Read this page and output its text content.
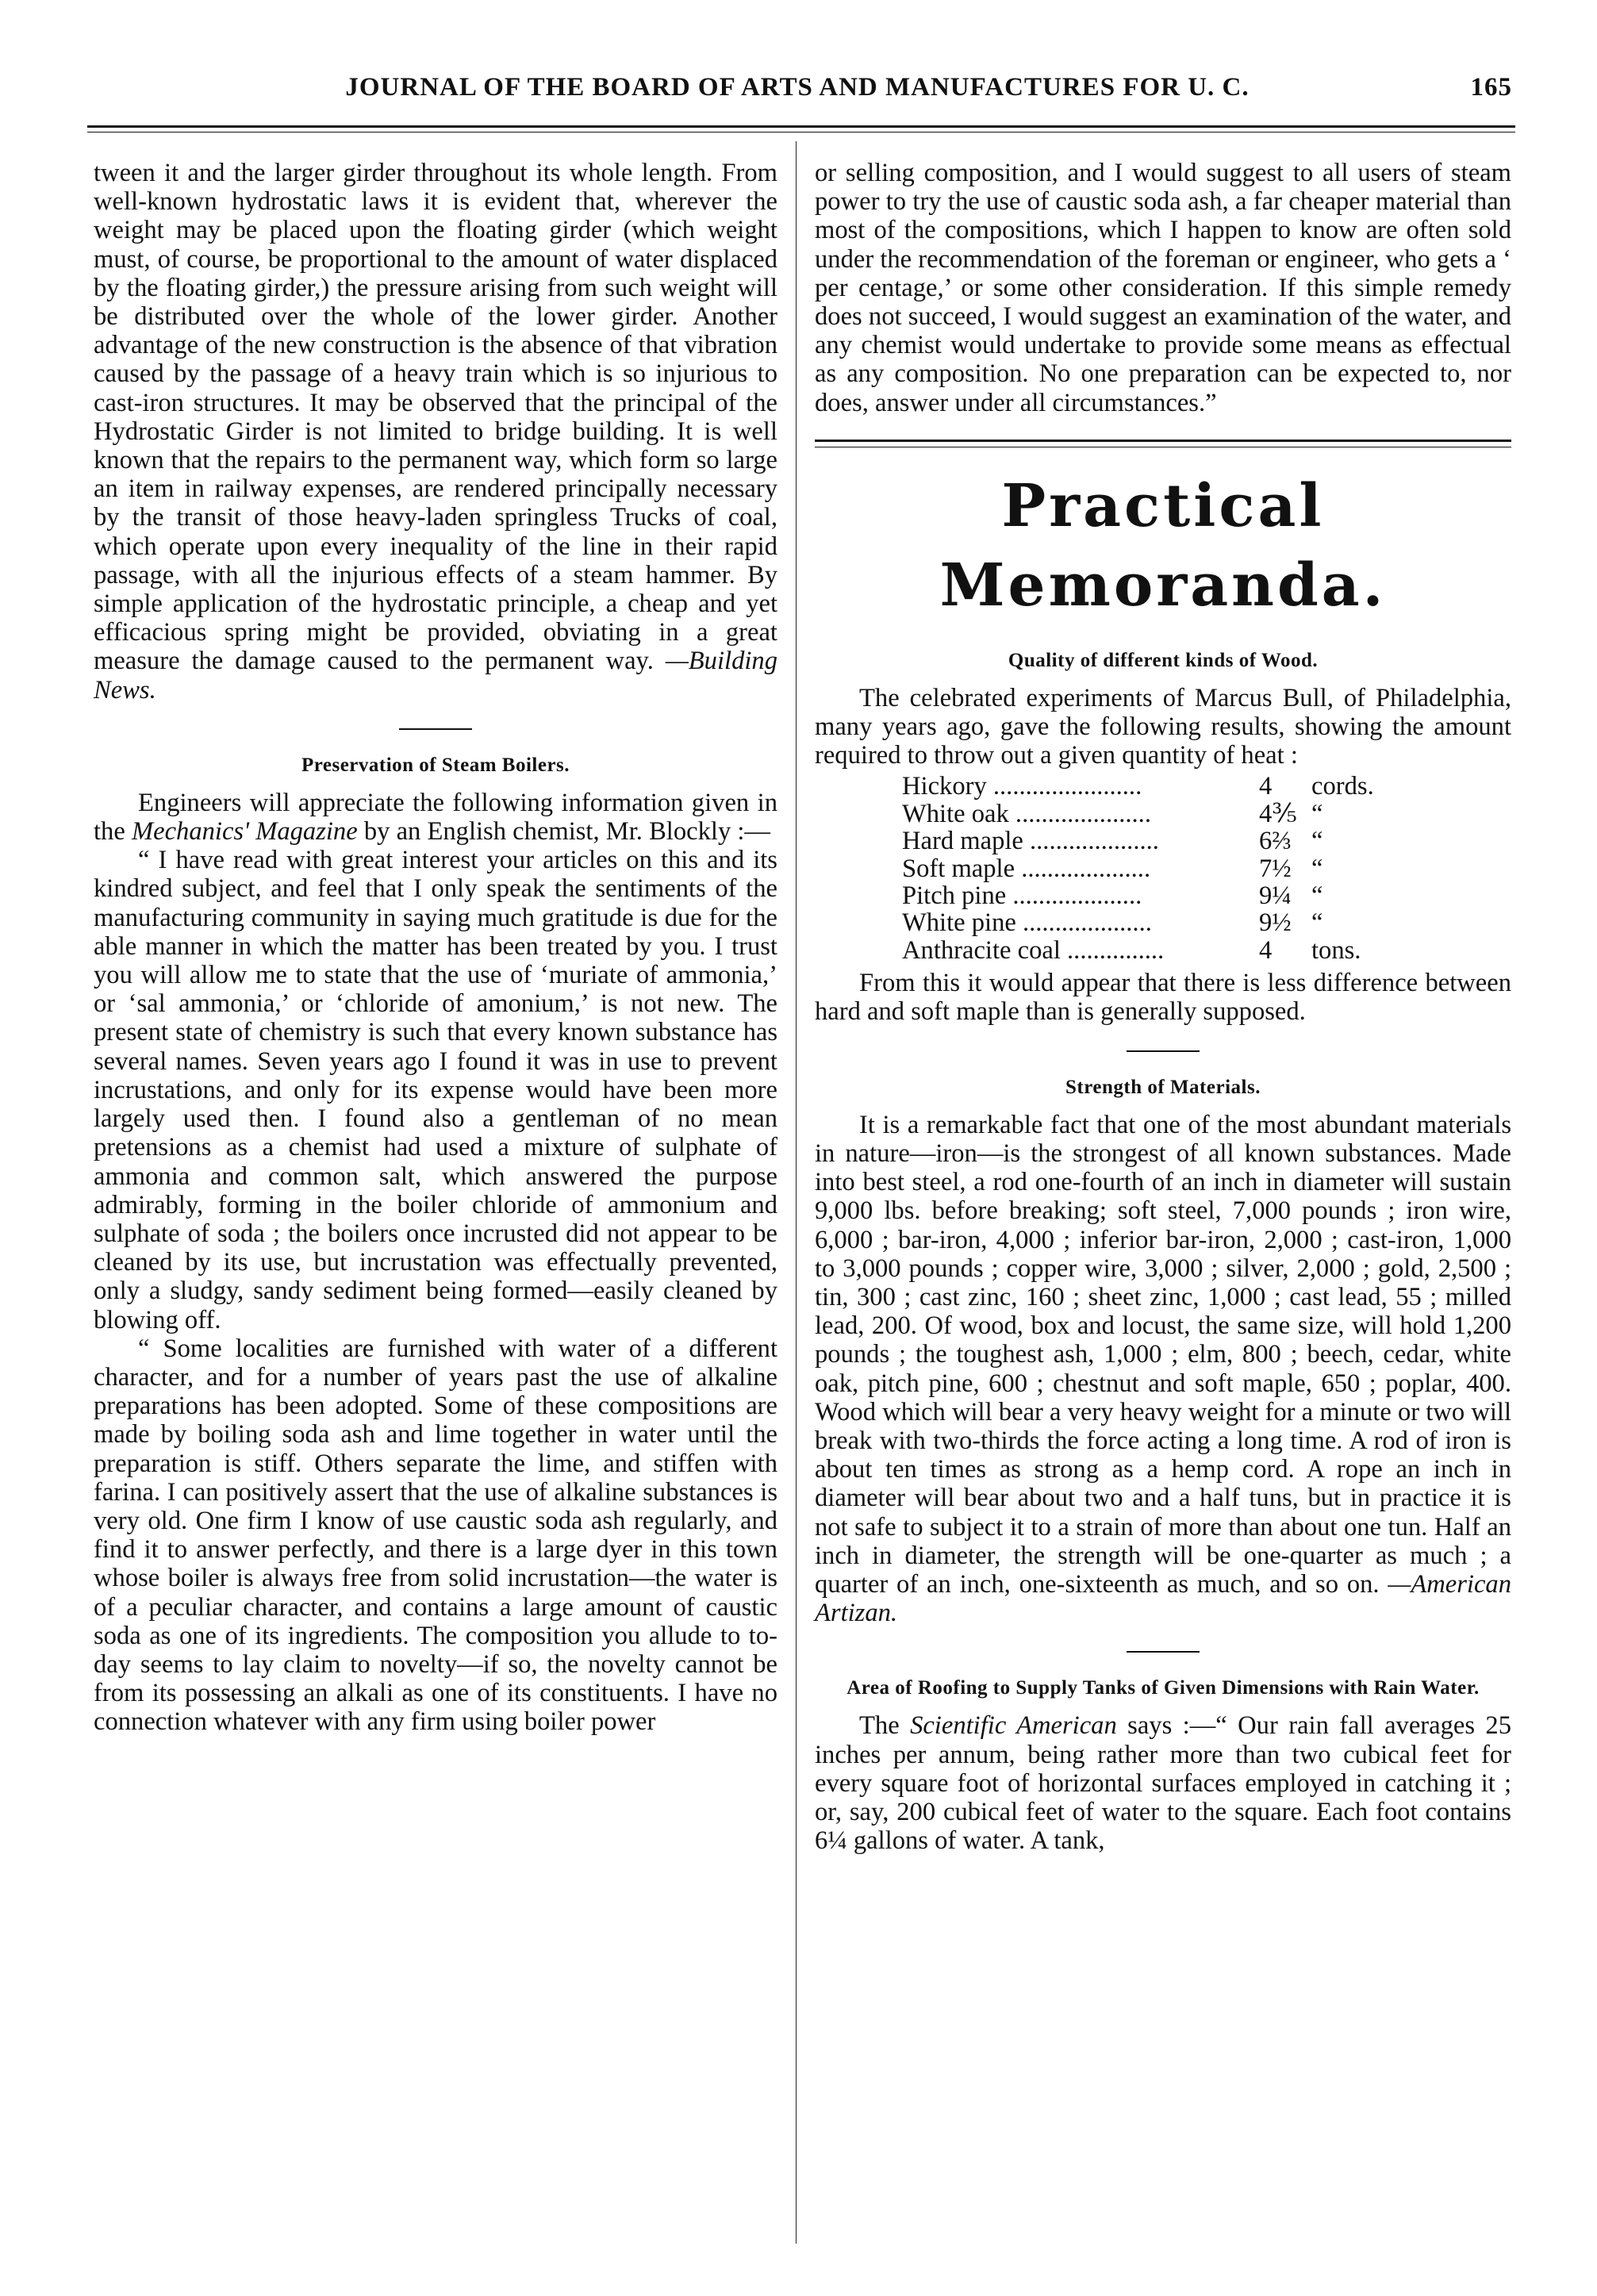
JOURNAL OF THE BOARD OF ARTS AND MANUFACTURES FOR U. C.	165

tween it and the larger girder throughout its whole length. From well-known hydrostatic laws it is evident that, wherever the weight may be placed upon the floating girder (which weight must, of course, be proportional to the amount of water displaced by the floating girder,) the pressure arising from such weight will be distributed over the whole of the lower girder. Another advantage of the new construction is the absence of that vibration caused by the passage of a heavy train which is so injurious to cast-iron structures. It may be observed that the principal of the Hydrostatic Girder is not limited to bridge building. It is well known that the repairs to the permanent way, which form so large an item in railway expenses, are rendered principally necessary by the transit of those heavy-laden springless Trucks of coal, which operate upon every inequality of the line in their rapid passage, with all the injurious effects of a steam hammer. By simple application of the hydrostatic principle, a cheap and yet efficacious spring might be provided, obviating in a great measure the damage caused to the permanent way. —Building News.

Preservation of Steam Boilers.

Engineers will appreciate the following information given in the Mechanics' Magazine by an English chemist, Mr. Blockly :—

“ I have read with great interest your articles on this and its kindred subject, and feel that I only speak the sentiments of the manufacturing community in saying much gratitude is due for the able manner in which the matter has been treated by you. I trust you will allow me to state that the use of ‘muriate of ammonia,’ or ‘sal ammonia,’ or ‘chloride of amonium,’ is not new. The present state of chemistry is such that every known substance has several names. Seven years ago I found it was in use to prevent incrustations, and only for its expense would have been more largely used then. I found also a gentleman of no mean pretensions as a chemist had used a mixture of sulphate of ammonia and common salt, which answered the purpose admirably, forming in the boiler chloride of ammonium and sulphate of soda ; the boilers once incrusted did not appear to be cleaned by its use, but incrustation was effectually prevented, only a sludgy, sandy sediment being formed—easily cleaned by blowing off.

“ Some localities are furnished with water of a different character, and for a number of years past the use of alkaline preparations has been adopted. Some of these compositions are made by boiling soda ash and lime together in water until the preparation is stiff. Others separate the lime, and stiffen with farina. I can positively assert that the use of alkaline substances is very old. One firm I know of use caustic soda ash regularly, and find it to answer perfectly, and there is a large dyer in this town whose boiler is always free from solid incrustation—the water is of a peculiar character, and contains a large amount of caustic soda as one of its ingredients. The composition you allude to to-day seems to lay claim to novelty—if so, the novelty cannot be from its possessing an alkali as one of its constituents. I have no connection whatever with any firm using boiler power

or selling composition, and I would suggest to all users of steam power to try the use of caustic soda ash, a far cheaper material than most of the compositions, which I happen to know are often sold under the recommendation of the foreman or engineer, who gets a ‘ per centage,’ or some other consideration. If this simple remedy does not succeed, I would suggest an examination of the water, and any chemist would undertake to provide some means as effectual as any composition. No one preparation can be expected to, nor does, answer under all circumstances.”

Practical Memoranda.
Quality of different kinds of Wood.

The celebrated experiments of Marcus Bull, of Philadelphia, many years ago, gave the following results, showing the amount required to throw out a given quantity of heat :

Hickory .......................	4	cords.
White oak .....................	4⅗	“
Hard maple ....................	6⅔	“
Soft maple ....................	7½	“
Pitch pine ....................	9¼	“
White pine ....................	9½	“
Anthracite coal ...............	4	tons.

From this it would appear that there is less difference between hard and soft maple than is generally supposed.

Strength of Materials.

It is a remarkable fact that one of the most abundant materials in nature—iron—is the strongest of all known substances. Made into best steel, a rod one-fourth of an inch in diameter will sustain 9,000 lbs. before breaking; soft steel, 7,000 pounds ; iron wire, 6,000 ; bar-iron, 4,000 ; inferior bar-iron, 2,000 ; cast-iron, 1,000 to 3,000 pounds ; copper wire, 3,000 ; silver, 2,000 ; gold, 2,500 ; tin, 300 ; cast zinc, 160 ; sheet zinc, 1,000 ; cast lead, 55 ; milled lead, 200. Of wood, box and locust, the same size, will hold 1,200 pounds ; the toughest ash, 1,000 ; elm, 800 ; beech, cedar, white oak, pitch pine, 600 ; chestnut and soft maple, 650 ; poplar, 400. Wood which will bear a very heavy weight for a minute or two will break with two-thirds the force acting a long time. A rod of iron is about ten times as strong as a hemp cord. A rope an inch in diameter will bear about two and a half tuns, but in practice it is not safe to subject it to a strain of more than about one tun. Half an inch in diameter, the strength will be one-quarter as much ; a quarter of an inch, one-sixteenth as much, and so on. —American Artizan.

Area of Roofing to Supply Tanks of Given Dimensions with Rain Water.

The Scientific American says :—“ Our rain fall averages 25 inches per annum, being rather more than two cubical feet for every square foot of horizontal surfaces employed in catching it ; or, say, 200 cubical feet of water to the square. Each foot contains 6¼ gallons of water. A tank,
